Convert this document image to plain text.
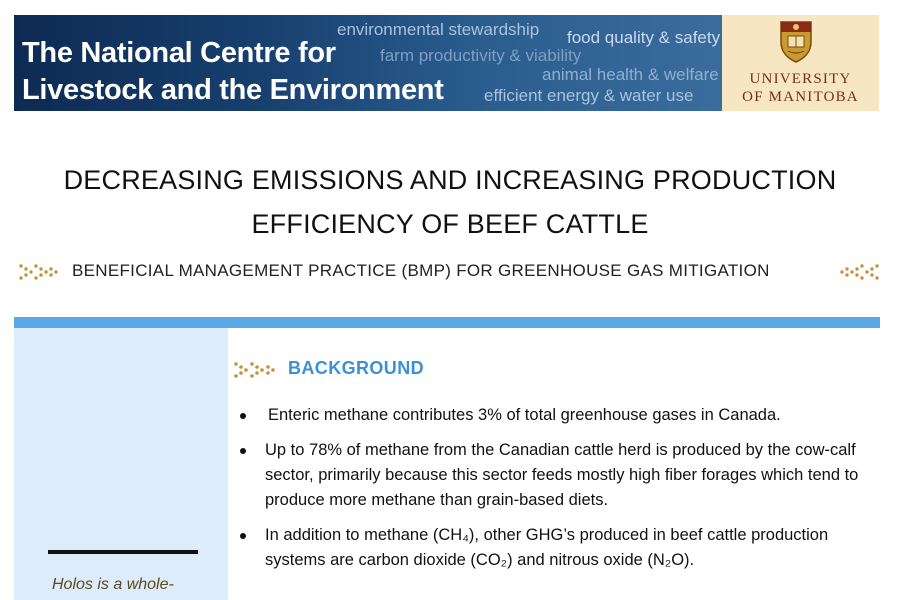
environmental stewardship food quality & safety
farm productivity & viability
animal health & welfare
efficient energy & water use
The National Centre for
Livestock and the Environment	UNIVERSITY
OF MANITOBA
DECREASING EMISSIONS AND INCREASING PRODUCTION
EFFICIENCY OF BEEF CATTLE
BENEFICIAL MANAGEMENT PRACTICE (BMP) FOR GREENHOUSE GAS MITIGATION
Holos is a whole-
BACKGROUND
Enteric methane contributes 3% of total greenhouse gases in Canada.
Up to 78% of methane from the Canadian cattle herd is produced by the cow-calf sector, primarily because this sector feeds mostly high fiber forages which tend to produce more methane than grain-based diets.
In addition to methane (CH₄), other GHG’s produced in beef cattle production systems are carbon dioxide (CO₂) and nitrous oxide (N₂O).
